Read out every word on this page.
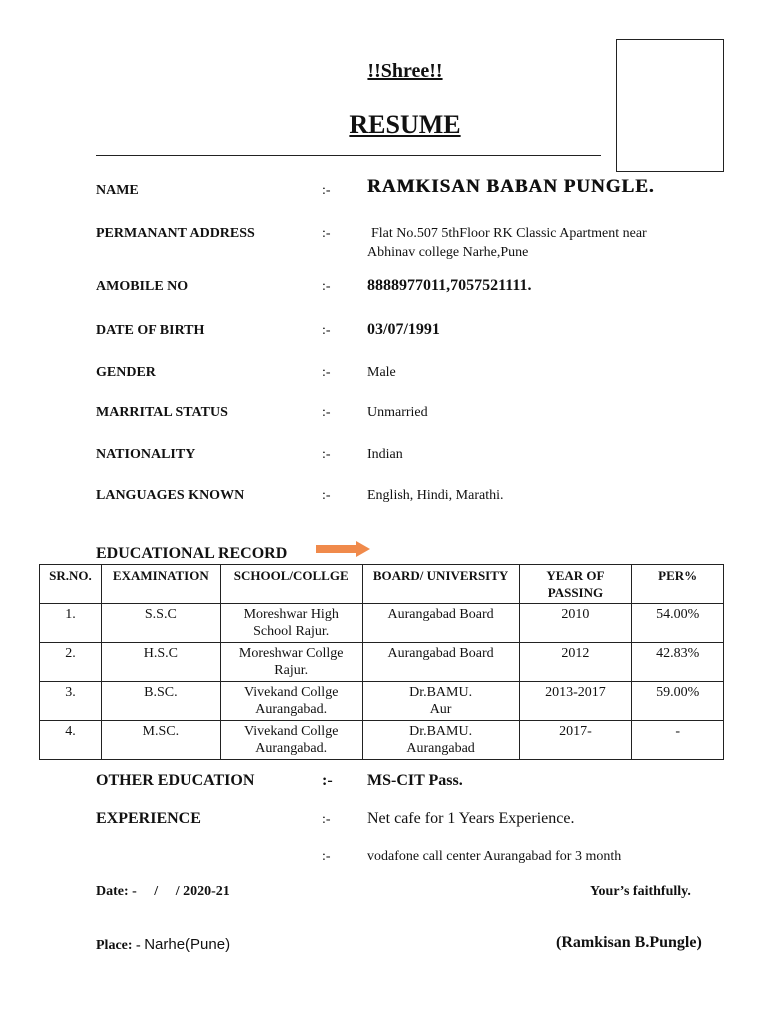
!!Shree!!
RESUME
NAME	:- RAMKISAN BABAN PUNGLE.
PERMANANT ADDRESS	:-	Flat No.507 5thFloor RK Classic Apartment near
Abhinav college Narhe,Pune
AMOBILE NO	:- 8888977011,7057521111.
DATE OF BIRTH	:- 03/07/1991
GENDER	:-	Male
MARRITAL STATUS	:-	Unmarried
NATIONALITY	:-	Indian
LANGUAGES KNOWN	:-	English, Hindi, Marathi.
EDUCATIONAL RECORD
SR.NO.	EXAMINATION	SCHOOL/COLLGE	BOARD/ UNIVERSITY	YEAR OF PASSING	PER%
1.	S.S.C	Moreshwar High School Rajur.	Aurangabad Board	2010	54.00%
2.	H.S.C	Moreshwar Collge Rajur.	Aurangabad Board	2012	42.83%
3.	B.SC.	Vivekand Collge Aurangabad.	Dr.BAMU. Aur	2013-2017	59.00%
4.	M.SC.	Vivekand Collge Aurangabad.	Dr.BAMU. Aurangabad	2017-	-
OTHER EDUCATION	:- MS-CIT Pass.
EXPERIENCE	:- Net cafe for 1 Years Experience.
:-	vodafone call center Aurangabad for 3 month
Date: -     /     / 2020-21	Your’s faithfully.
Place: - Narhe(Pune)	(Ramkisan B.Pungle)
